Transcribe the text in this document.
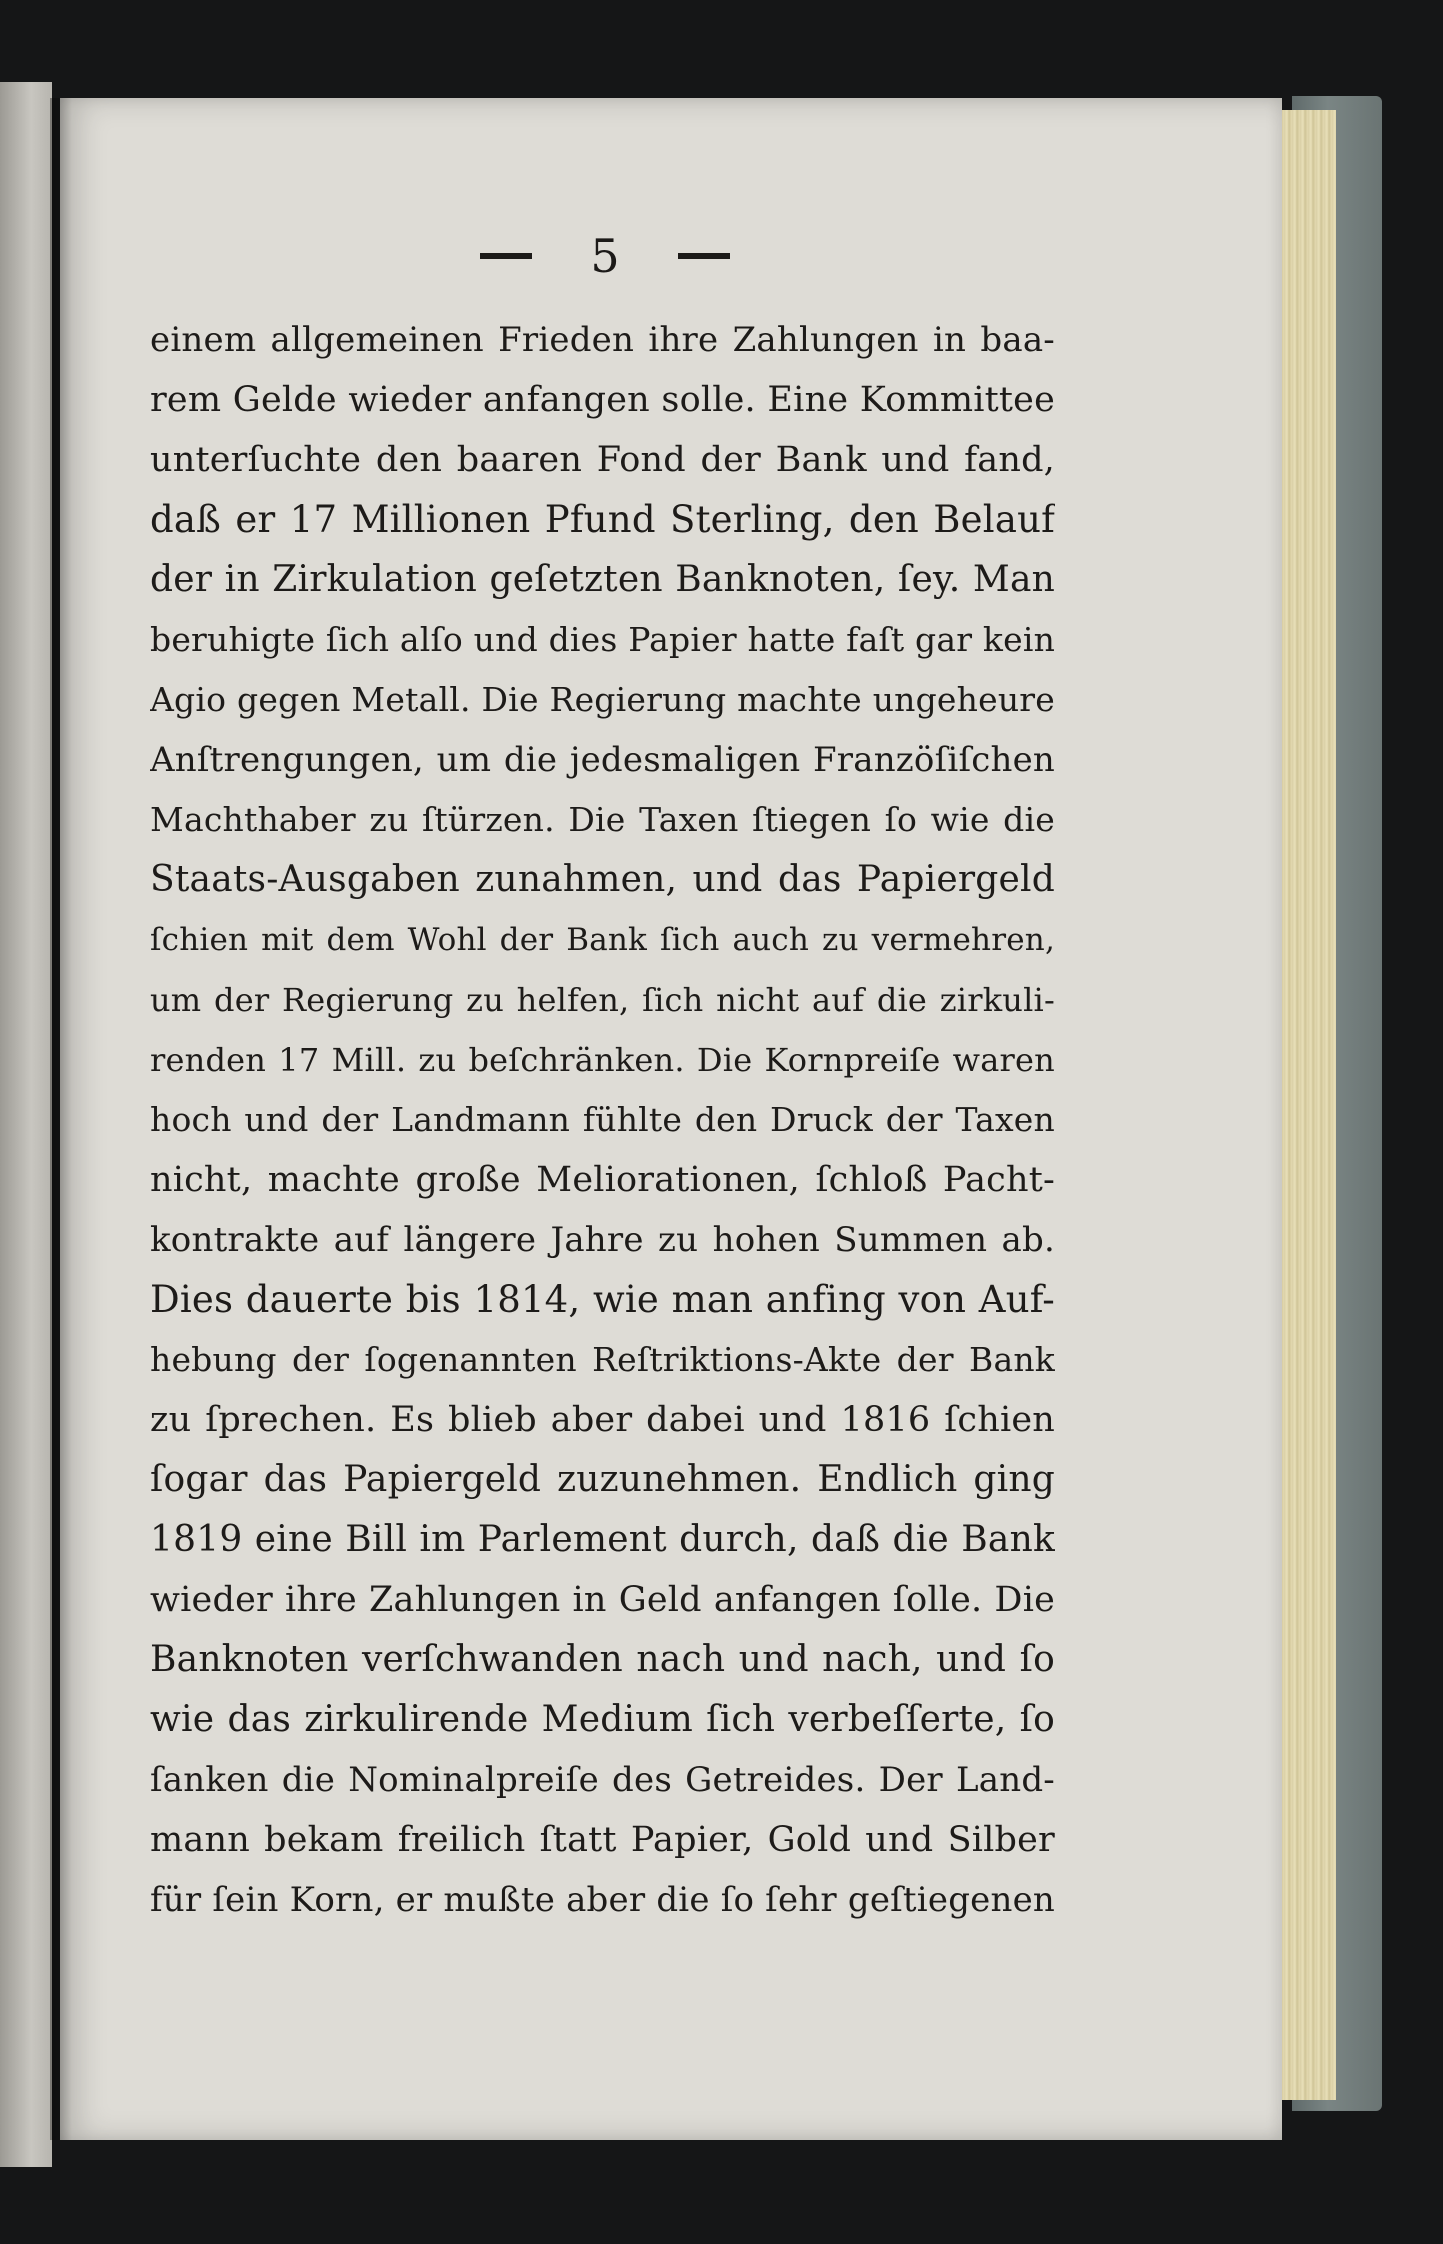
5
einem allgemeinen Frieden ihre Zahlungen in baa-
rem Gelde wieder anfangen solle. Eine Kommittee
unterſuchte den baaren Fond der Bank und fand,
daß er 17 Millionen Pfund Sterling, den Belauf
der in Zirkulation geſetzten Banknoten, ſey. Man
beruhigte ſich alſo und dies Papier hatte faſt gar kein
Agio gegen Metall. Die Regierung machte ungeheure
Anſtrengungen, um die jedesmaligen Franzöſiſchen
Machthaber zu ſtürzen. Die Taxen ſtiegen ſo wie die
Staats-Ausgaben zunahmen, und das Papiergeld
ſchien mit dem Wohl der Bank ſich auch zu vermehren,
um der Regierung zu helfen, ſich nicht auf die zirkuli-
renden 17 Mill. zu beſchränken. Die Kornpreiſe waren
hoch und der Landmann fühlte den Druck der Taxen
nicht, machte große Meliorationen, ſchloß Pacht-
kontrakte auf längere Jahre zu hohen Summen ab.
Dies dauerte bis 1814, wie man anfing von Auf-
hebung der ſogenannten Reſtriktions-Akte der Bank
zu ſprechen. Es blieb aber dabei und 1816 ſchien
ſogar das Papiergeld zuzunehmen. Endlich ging
1819 eine Bill im Parlement durch, daß die Bank
wieder ihre Zahlungen in Geld anfangen ſolle. Die
Banknoten verſchwanden nach und nach, und ſo
wie das zirkulirende Medium ſich verbeſſerte, ſo
ſanken die Nominalpreiſe des Getreides. Der Land-
mann bekam freilich ſtatt Papier, Gold und Silber
für ſein Korn, er mußte aber die ſo ſehr geſtiegenen
